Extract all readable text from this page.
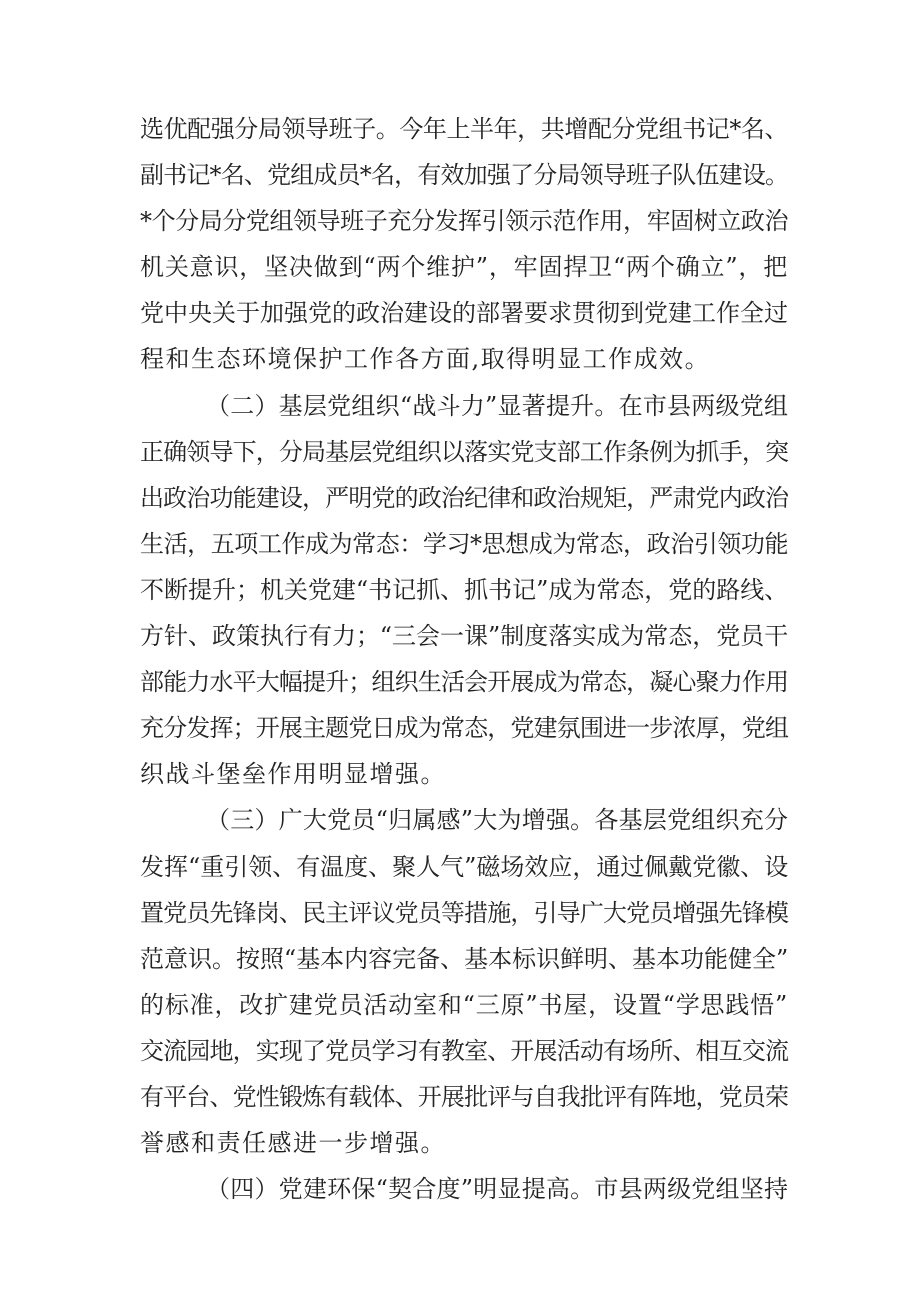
选优配强分局领导班子。今年上半年，共增配分党组书记*名、
副书记*名、党组成员*名，有效加强了分局领导班子队伍建设。
*个分局分党组领导班子充分发挥引领示范作用，牢固树立政治
机关意识，坚决做到“两个维护”，牢固捍卫“两个确立”，把
党中央关于加强党的政治建设的部署要求贯彻到党建工作全过
程和生态环境保护工作各方面,取得明显工作成效。

（二）基层党组织“战斗力”显著提升。在市县两级党组
正确领导下，分局基层党组织以落实党支部工作条例为抓手，突
出政治功能建设，严明党的政治纪律和政治规矩，严肃党内政治
生活，五项工作成为常态：学习*思想成为常态，政治引领功能
不断提升；机关党建“书记抓、抓书记”成为常态，党的路线、
方针、政策执行有力；“三会一课”制度落实成为常态，党员干
部能力水平大幅提升；组织生活会开展成为常态，凝心聚力作用
充分发挥；开展主题党日成为常态，党建氛围进一步浓厚，党组
织战斗堡垒作用明显增强。

（三）广大党员“归属感”大为增强。各基层党组织充分
发挥“重引领、有温度、聚人气”磁场效应，通过佩戴党徽、设
置党员先锋岗、民主评议党员等措施，引导广大党员增强先锋模
范意识。按照“基本内容完备、基本标识鲜明、基本功能健全”
的标准，改扩建党员活动室和“三原”书屋，设置“学思践悟”
交流园地，实现了党员学习有教室、开展活动有场所、相互交流
有平台、党性锻炼有载体、开展批评与自我批评有阵地，党员荣
誉感和责任感进一步增强。

（四）党建环保“契合度”明显提高。市县两级党组坚持
